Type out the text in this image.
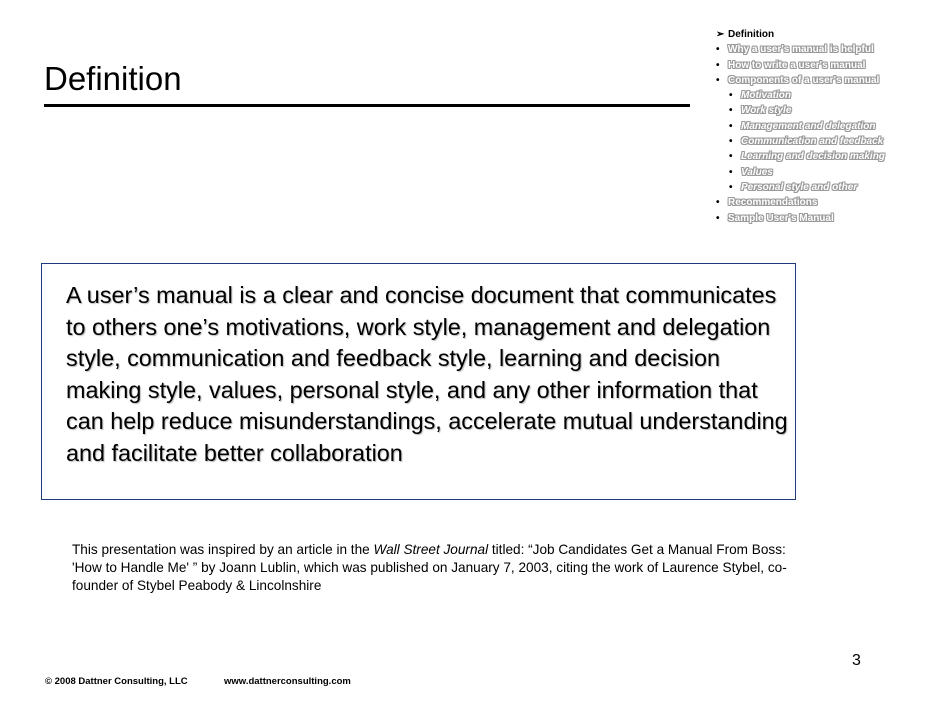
Definition
➢ Definition
• Why a user's manual is helpful
• How to write a user's manual
• Components of a user's manual
• Motivation
• Work style
• Management and delegation
• Communication and feedback
• Learning and decision making
• Values
• Personal style and other
• Recommendations
• Sample User's Manual

A user’s manual is a clear and concise document that communicates to others one’s motivations, work style, management and delegation style, communication and feedback style, learning and decision making style, values, personal style, and any other information that can help reduce misunderstandings, accelerate mutual understanding and facilitate better collaboration

This presentation was inspired by an article in the Wall Street Journal titled: “Job Candidates Get a Manual From Boss: 'How to Handle Me' ” by Joann Lublin, which was published on January 7, 2003, citing the work of Laurence Stybel, co-founder of Stybel Peabody & Lincolnshire

3
© 2008 Dattner Consulting, LLC	www.dattnerconsulting.com
